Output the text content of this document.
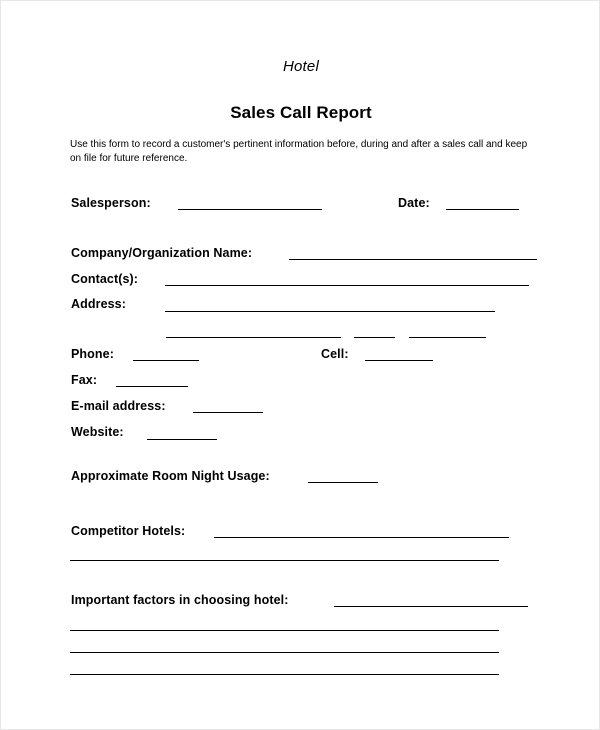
Hotel
Sales Call Report
Use this form to record a customer's pertinent information before, during and after a sales call and keep on file for future reference.
Salesperson:	Date:
Company/Organization Name:
Contact(s):
Address:
Phone:	Cell:
Fax:
E-mail address:
Website:
Approximate Room Night Usage:
Competitor Hotels:
Important factors in choosing hotel:
